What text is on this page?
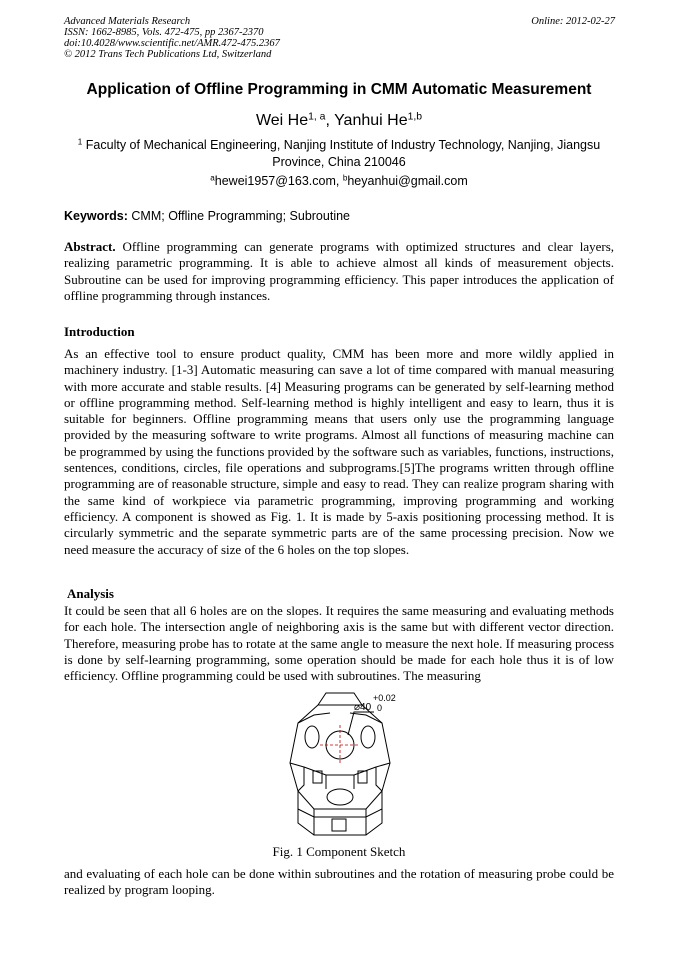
Advanced Materials Research
ISSN: 1662-8985, Vols. 472-475, pp 2367-2370
doi:10.4028/www.scientific.net/AMR.472-475.2367
© 2012 Trans Tech Publications Ltd, Switzerland
Online: 2012-02-27
Application of Offline Programming in CMM Automatic Measurement
Wei He$^{1, a}$, Yanhui He$^{1,b}$
$^1$ Faculty of Mechanical Engineering, Nanjing Institute of Industry Technology, Nanjing, Jiangsu Province, China 210046
$^a$hewei1957@163.com, $^b$heyanhui@gmail.com
Keywords: CMM; Offline Programming; Subroutine
Abstract. Offline programming can generate programs with optimized structures and clear layers, realizing parametric programming. It is able to achieve almost all kinds of measurement objects. Subroutine can be used for improving programming efficiency. This paper introduces the application of offline programming through instances.
Introduction
As an effective tool to ensure product quality, CMM has been more and more wildly applied in machinery industry. [1-3] Automatic measuring can save a lot of time compared with manual measuring with more accurate and stable results. [4] Measuring programs can be generated by self-learning method or offline programming method. Self-learning method is highly intelligent and easy to learn, thus it is suitable for beginners. Offline programming means that users only use the programming language provided by the measuring software to write programs. Almost all functions of measuring machine can be programmed by using the functions provided by the software such as variables, functions, instructions, sentences, conditions, circles, file operations and subprograms.[5]The programs written through offline programming are of reasonable structure, simple and easy to read. They can realize program sharing with the same kind of workpiece via parametric programming, improving programming and working efficiency. A component is showed as Fig. 1. It is made by 5-axis positioning processing method. It is circularly symmetric and the separate symmetric parts are of the same processing precision. Now we need measure the accuracy of size of the 6 holes on the top slopes.
Analysis
It could be seen that all 6 holes are on the slopes. It requires the same measuring and evaluating methods for each hole. The intersection angle of neighboring axis is the same but with different vector direction. Therefore, measuring probe has to rotate at the same angle to measure the next hole. If measuring process is done by self-learning programming, some operation should be made for each hole thus it is of low efficiency. Offline programming could be used with subroutines. The measuring
⌀40
+0.02
0
Fig. 1 Component Sketch
and evaluating of each hole can be done within subroutines and the rotation of measuring probe could be realized by program looping.
